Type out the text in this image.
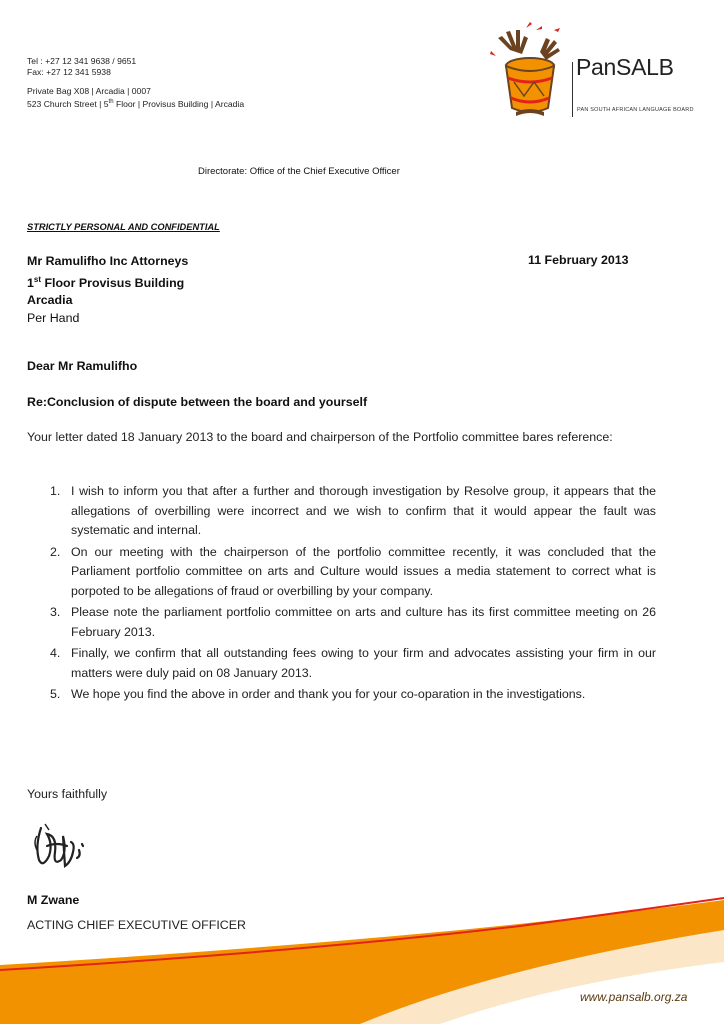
Tel : +27 12 341 9638 / 9651
Fax: +27 12 341 5938
Private Bag X08 | Arcadia | 0007
523 Church Street | 5th Floor | Provisus Building | Arcadia
PanSALB
PAN SOUTH AFRICAN LANGUAGE BOARD
Directorate: Office of the Chief Executive Officer
STRICTLY PERSONAL AND CONFIDENTIAL
Mr Ramulifho Inc Attorneys
1st Floor Provisus Building
Arcadia
Per Hand
11 February 2013
Dear Mr Ramulifho
Re:Conclusion of dispute between the board and yourself
Your letter dated 18 January 2013 to the board and chairperson of the Portfolio committee bares reference:
1. I wish to inform you that after a further and thorough investigation by Resolve group, it appears that the allegations of overbilling were incorrect and we wish to confirm that it would appear the fault was systematic and internal.
2. On our meeting with the chairperson of the portfolio committee recently, it was concluded that the Parliament portfolio committee on arts and Culture would issues a media statement to correct what is porpoted to be allegations of fraud or overbilling by your company.
3. Please note the parliament portfolio committee on arts and culture has its first committee meeting on 26 February 2013.
4. Finally, we confirm that all outstanding fees owing to your firm and advocates assisting your firm in our matters were duly paid on 08 January 2013.
5. We hope you find the above in order and thank you for your co-oparation in the investigations.
Yours faithfully
M Zwane
ACTING CHIEF EXECUTIVE OFFICER
www.pansalb.org.za
